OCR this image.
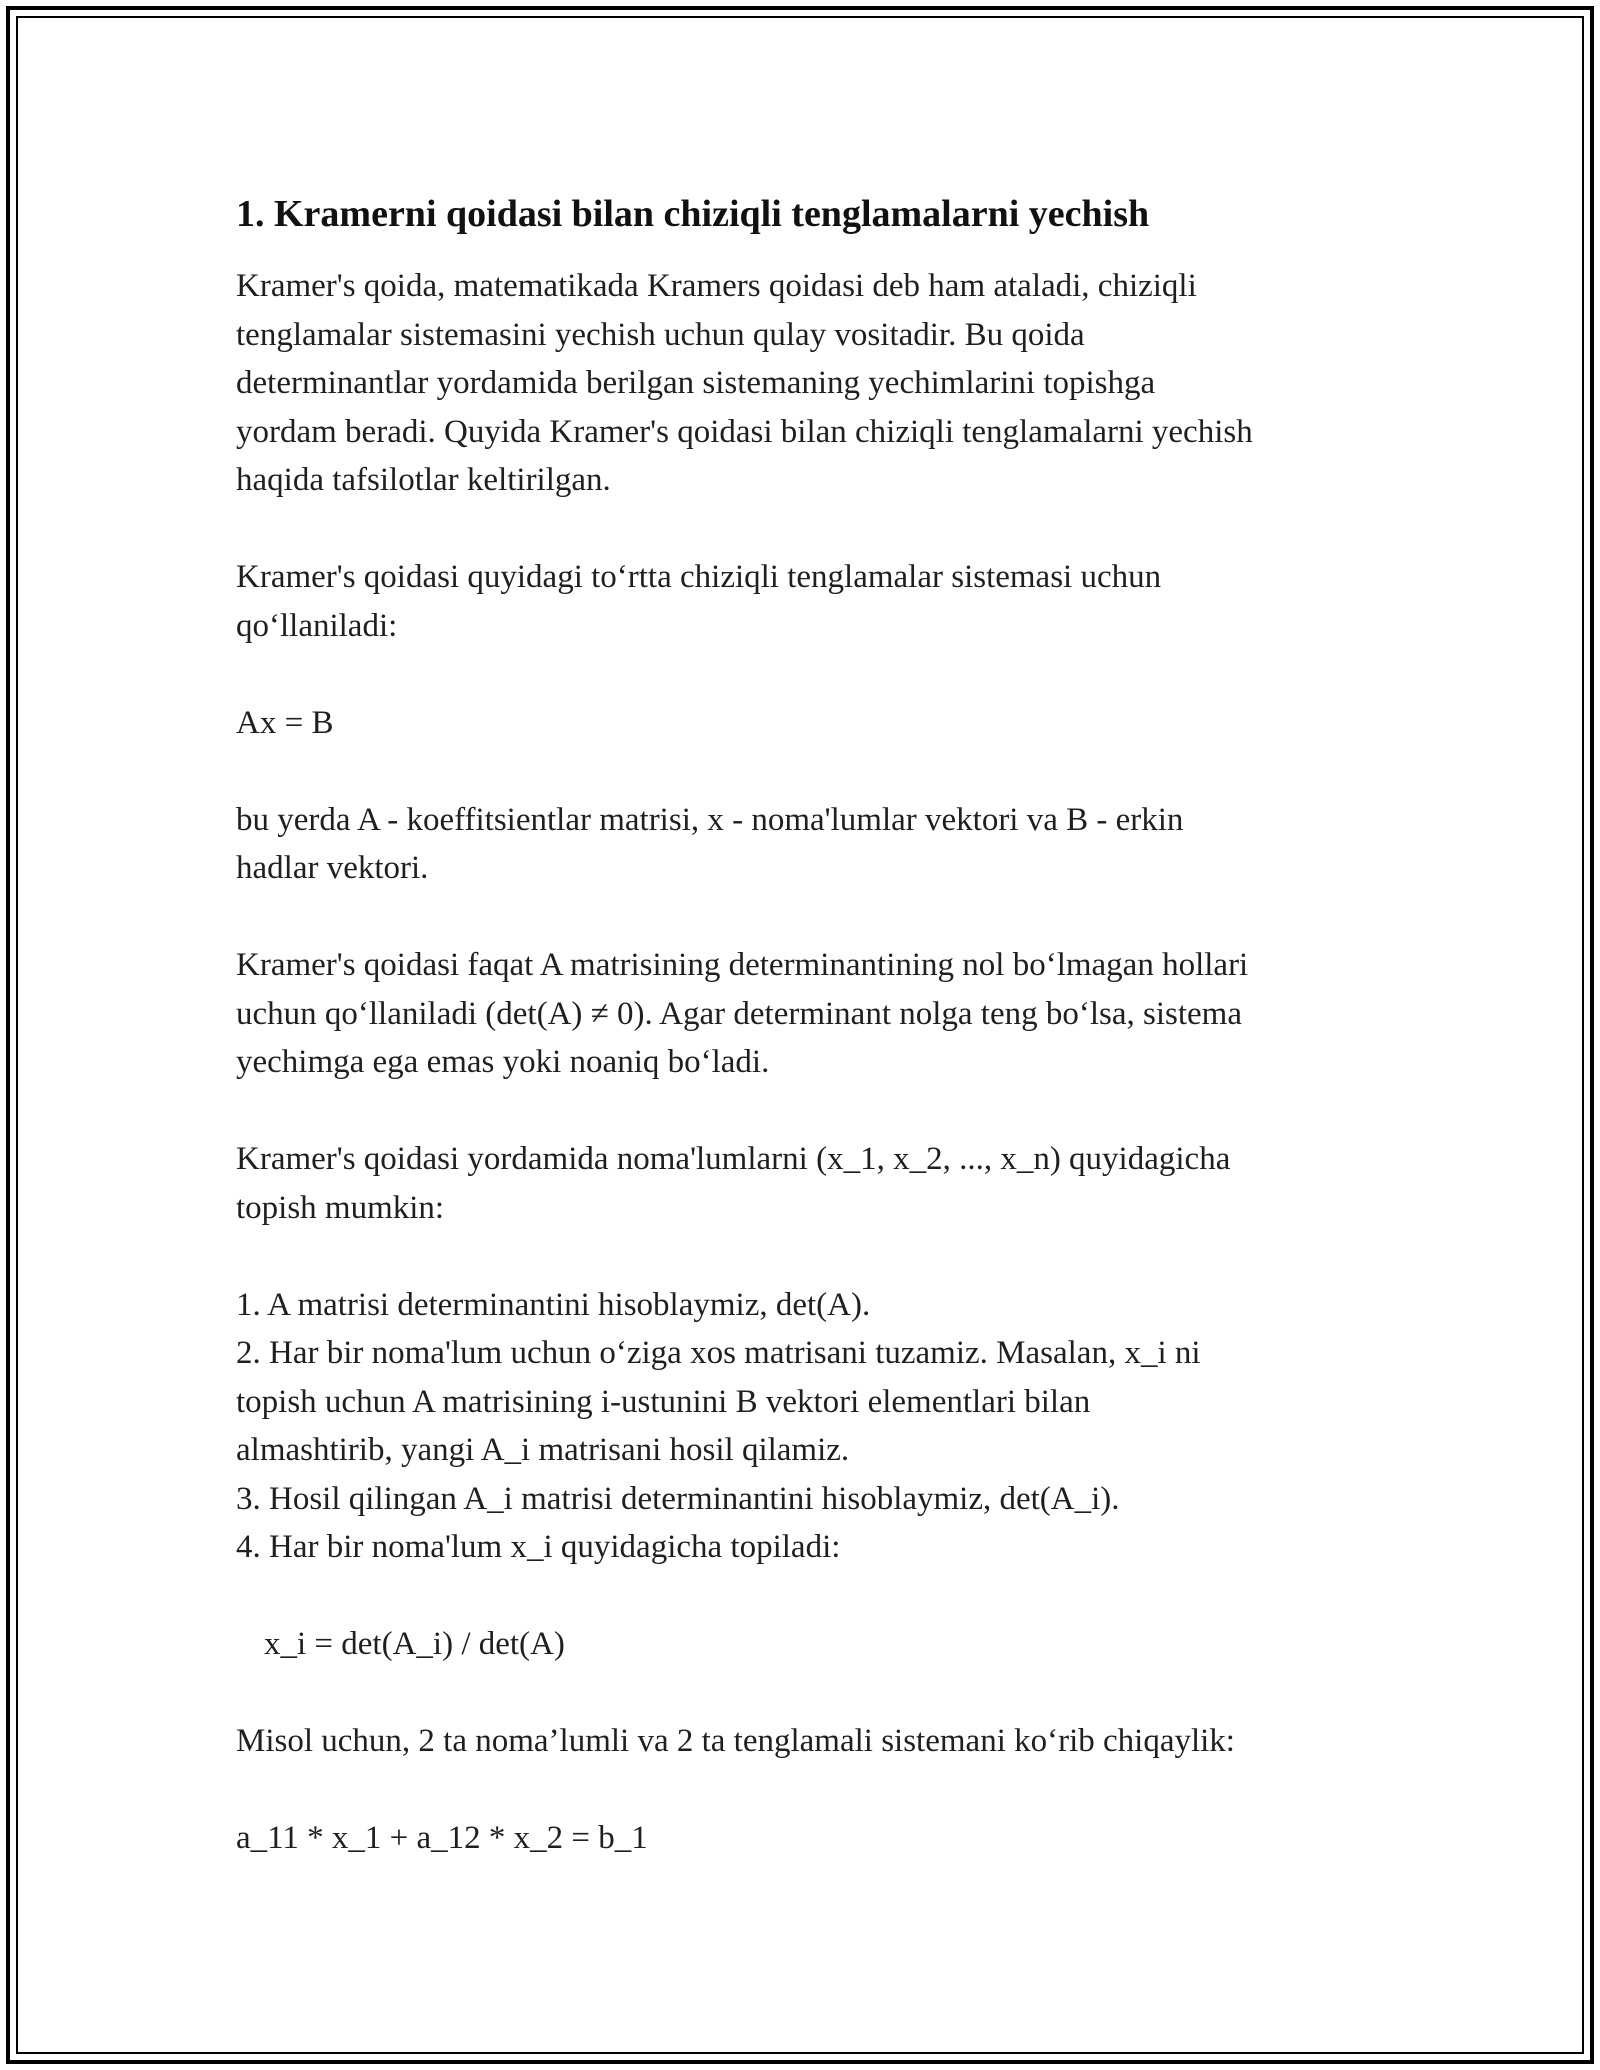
1. Kramerni qoidasi bilan chiziqli tenglamalarni yechish

Kramer's qoida, matematikada Kramers qoidasi deb ham ataladi, chiziqli
tenglamalar sistemasini yechish uchun qulay vositadir. Bu qoida
determinantlar yordamida berilgan sistemaning yechimlarini topishga
yordam beradi. Quyida Kramer's qoidasi bilan chiziqli tenglamalarni yechish
haqida tafsilotlar keltirilgan.

Kramer's qoidasi quyidagi to‘rtta chiziqli tenglamalar sistemasi uchun
qo‘llaniladi:

Ax = B

bu yerda A - koeffitsientlar matrisi, x - noma'lumlar vektori va B - erkin
hadlar vektori.

Kramer's qoidasi faqat A matrisining determinantining nol bo‘lmagan hollari
uchun qo‘llaniladi (det(A) ≠ 0). Agar determinant nolga teng bo‘lsa, sistema
yechimga ega emas yoki noaniq bo‘ladi.

Kramer's qoidasi yordamida noma'lumlarni (x_1, x_2, ..., x_n) quyidagicha
topish mumkin:

1. A matrisi determinantini hisoblaymiz, det(A).
2. Har bir noma'lum uchun o‘ziga xos matrisani tuzamiz. Masalan, x_i ni
topish uchun A matrisining i-ustunini B vektori elementlari bilan
almashtirib, yangi A_i matrisani hosil qilamiz.
3. Hosil qilingan A_i matrisi determinantini hisoblaymiz, det(A_i).
4. Har bir noma'lum x_i quyidagicha topiladi:

x_i = det(A_i) / det(A)

Misol uchun, 2 ta noma’lumli va 2 ta tenglamali sistemani ko‘rib chiqaylik:

a_11 * x_1 + a_12 * x_2 = b_1
